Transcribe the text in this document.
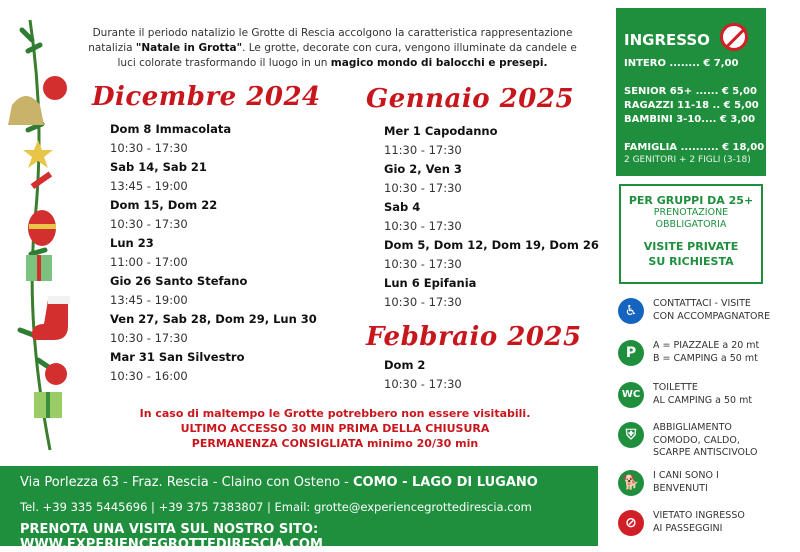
Durante il periodo natalizio le Grotte di Rescia accolgono la caratteristica rappresentazione
natalizia "Natale in Grotta". Le grotte, decorate con cura, vengono illuminate da candele e
luci colorate trasformando il luogo in un magico mondo di balocchi e presepi.
Dicembre 2024
Dom 8 Immacolata
10:30 - 17:30
Sab 14, Sab 21
13:45 - 19:00
Dom 15, Dom 22
10:30 - 17:30
Lun 23
11:00 - 17:00
Gio 26 Santo Stefano
13:45 - 19:00
Ven 27, Sab 28, Dom 29, Lun 30
10:30 - 17:30
Mar 31 San Silvestro
10:30 - 16:00
Gennaio 2025
Mer 1 Capodanno
11:30 - 17:30
Gio 2, Ven 3
10:30 - 17:30
Sab 4
10:30 - 17:30
Dom 5, Dom 12, Dom 19, Dom 26
10:30 - 17:30
Lun 6 Epifania
10:30 - 17:30
Febbraio 2025
Dom 2
10:30 - 17:30
In caso di maltempo le Grotte potrebbero non essere visitabili.
ULTIMO ACCESSO 30 MIN PRIMA DELLA CHIUSURA
PERMANENZA CONSIGLIATA minimo 20/30 min
Via Porlezza 63 - Fraz. Rescia - Claino con Osteno - COMO - LAGO DI LUGANO
Tel. +39 335 5445696 | +39 375 7383807 | Email: grotte@experiencegrottedirescia.com
PRENOTA UNA VISITA SUL NOSTRO SITO: WWW.EXPERIENCEGROTTEDIRESCIA.COM
INGRESSO
INTERO ........ € 7,00
SENIOR 65+ ...... € 5,00
RAGAZZI 11-18 .. € 5,00
BAMBINI 3-10.... € 3,00
FAMIGLIA .......... € 18,00
2 GENITORI + 2 FIGLI (3-18)
PER GRUPPI DA 25+
PRENOTAZIONE
OBBLIGATORIA
VISITE PRIVATE
SU RICHIESTA
♿	CONTATTACI - VISITE
CON ACCOMPAGNATORE
P	A = PIAZZALE a 20 mt
B = CAMPING a 50 mt
WC
TOILETTE
AL CAMPING a 50 mt
⛨	ABBIGLIAMENTO
COMODO, CALDO,
SCARPE ANTISCIVOLO
🐕	I CANI SONO I
BENVENUTI
⊘	VIETATO INGRESSO
AI PASSEGGINI
